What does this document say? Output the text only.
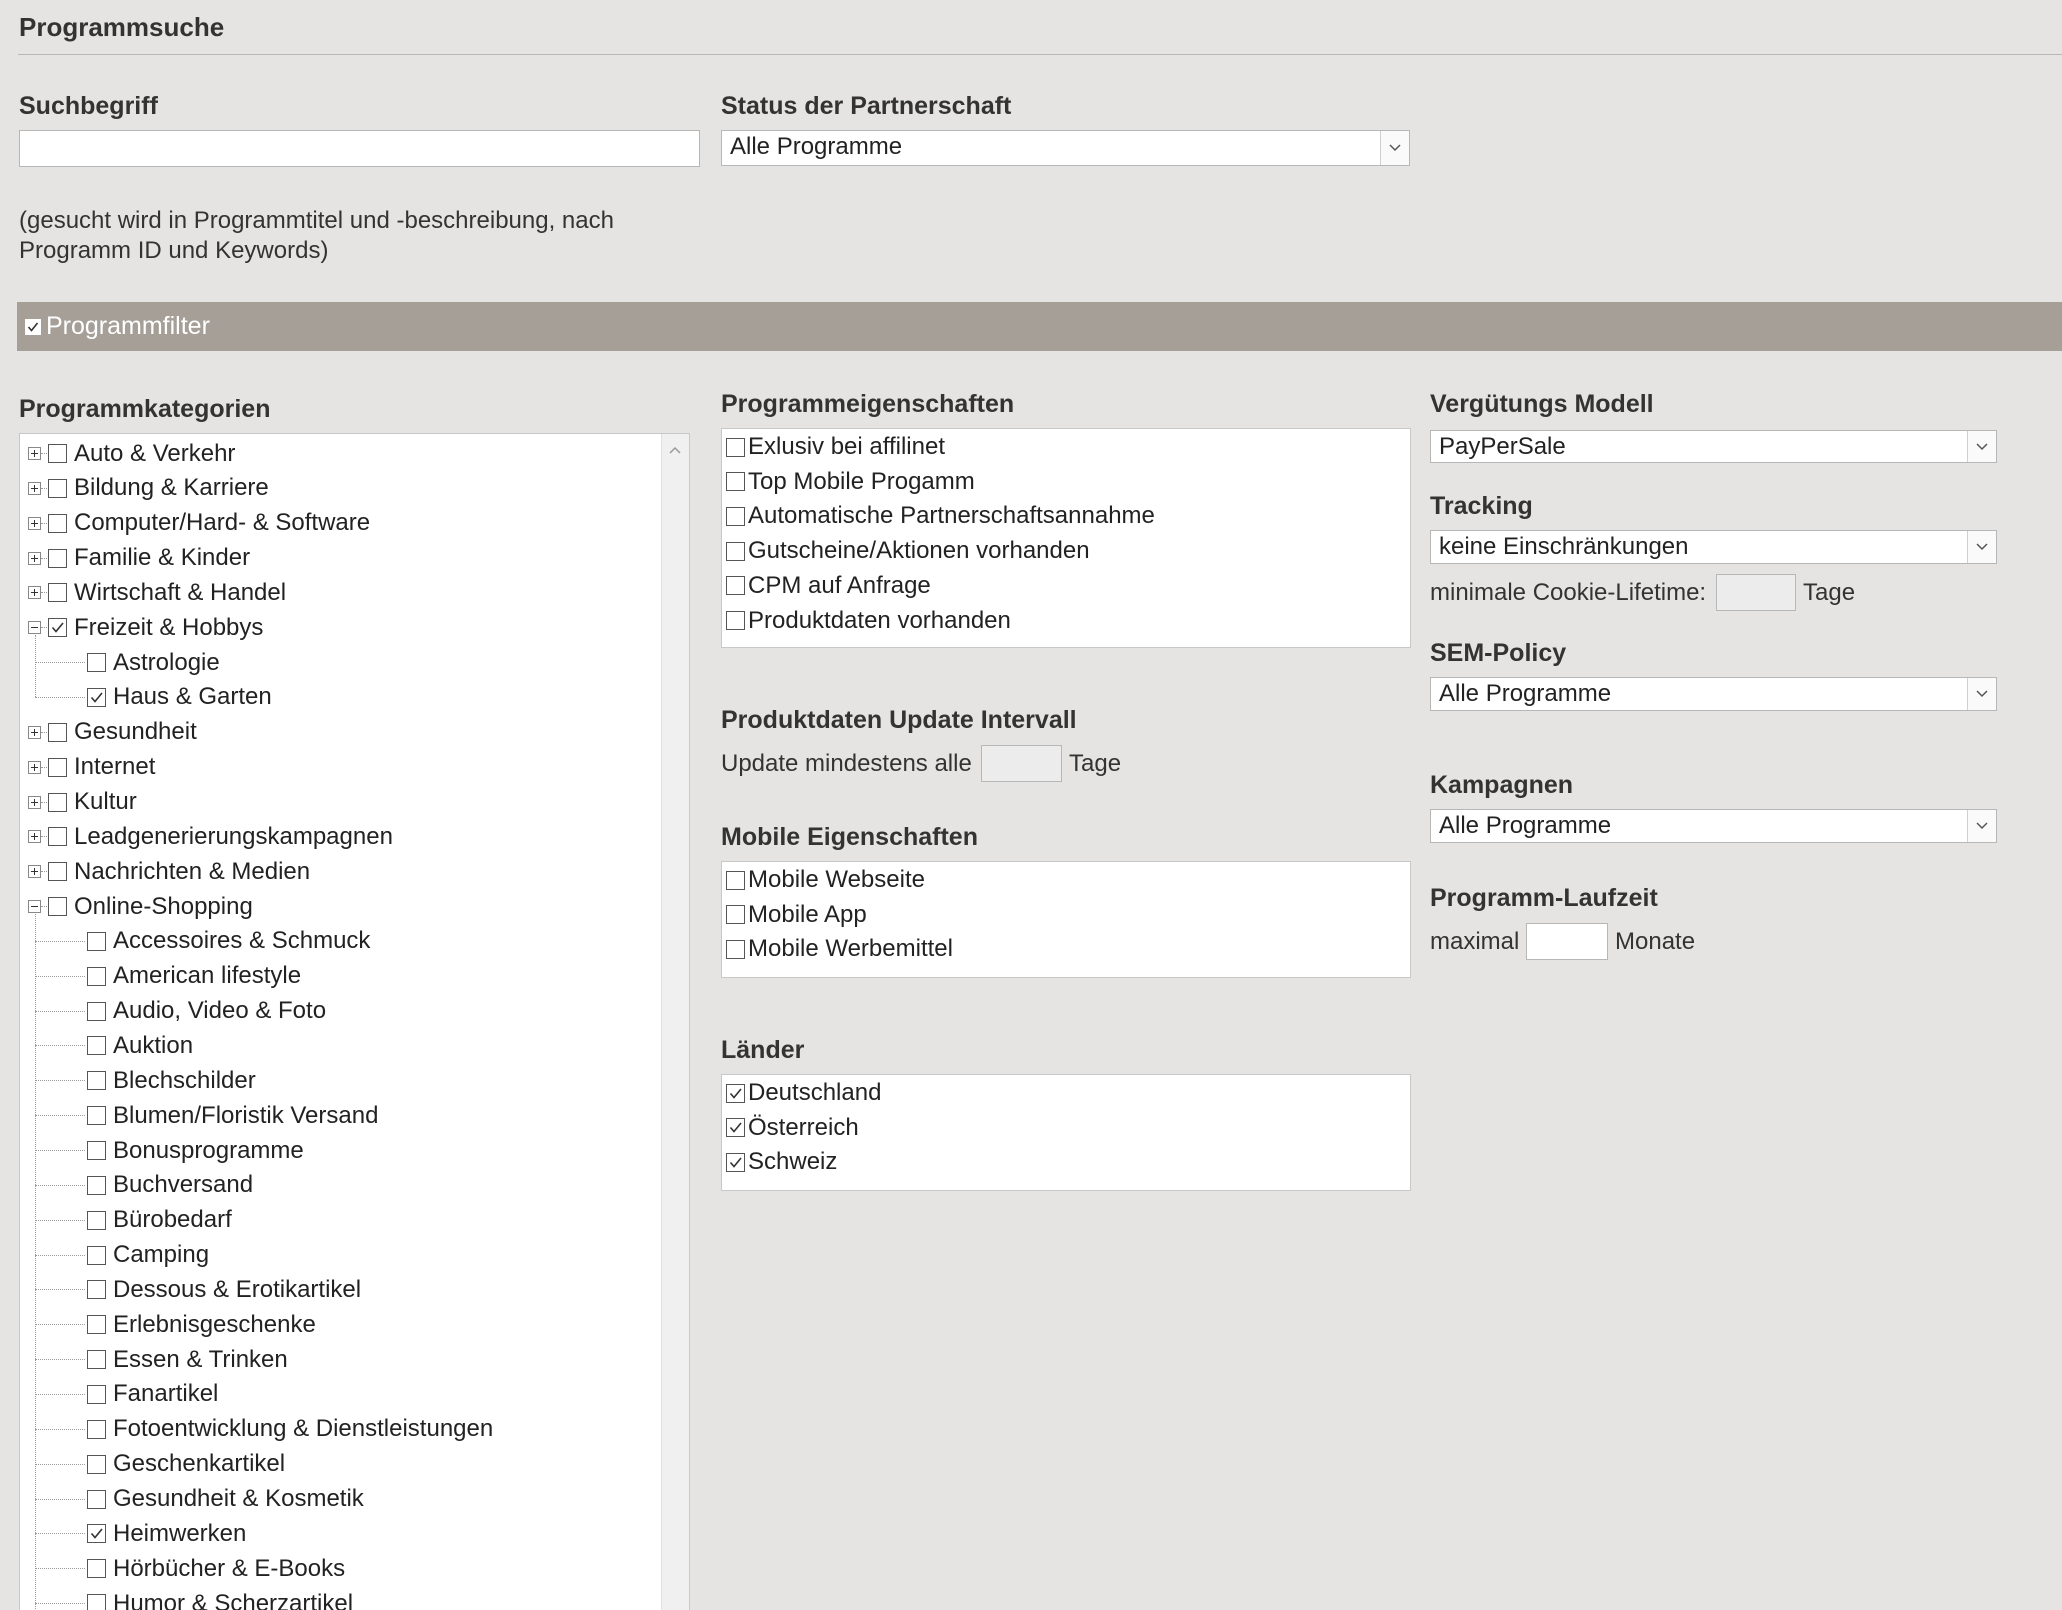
Programmsuche
Suchbegriff
(gesucht wird in Programmtitel und -beschreibung, nach
Programm ID und Keywords)
Status der Partnerschaft
Alle Programme
Programmfilter
Programmkategorien
Auto & Verkehr
Bildung & Karriere
Computer/Hard- & Software
Familie & Kinder
Wirtschaft & Handel
Freizeit & Hobbys
Astrologie
Haus & Garten
Gesundheit
Internet
Kultur
Leadgenerierungskampagnen
Nachrichten & Medien
Online-Shopping
Accessoires & Schmuck
American lifestyle
Audio, Video & Foto
Auktion
Blechschilder
Blumen/Floristik Versand
Bonusprogramme
Buchversand
Bürobedarf
Camping
Dessous & Erotikartikel
Erlebnisgeschenke
Essen & Trinken
Fanartikel
Fotoentwicklung & Dienstleistungen
Geschenkartikel
Gesundheit & Kosmetik
Heimwerken
Hörbücher & E-Books
Humor & Scherzartikel
Programmeigenschaften
Exlusiv bei affilinet
Top Mobile Progamm
Automatische Partnerschaftsannahme
Gutscheine/Aktionen vorhanden
CPM auf Anfrage
Produktdaten vorhanden
Produktdaten Update Intervall
Update mindestens alle	Tage
Mobile Eigenschaften
Mobile Webseite
Mobile App
Mobile Werbemittel
Länder
Deutschland
Österreich
Schweiz
Vergütungs Modell
PayPerSale
Tracking
keine Einschränkungen
minimale Cookie-Lifetime:	Tage
SEM-Policy
Alle Programme
Kampagnen
Alle Programme
Programm-Laufzeit
maximal	Monate
